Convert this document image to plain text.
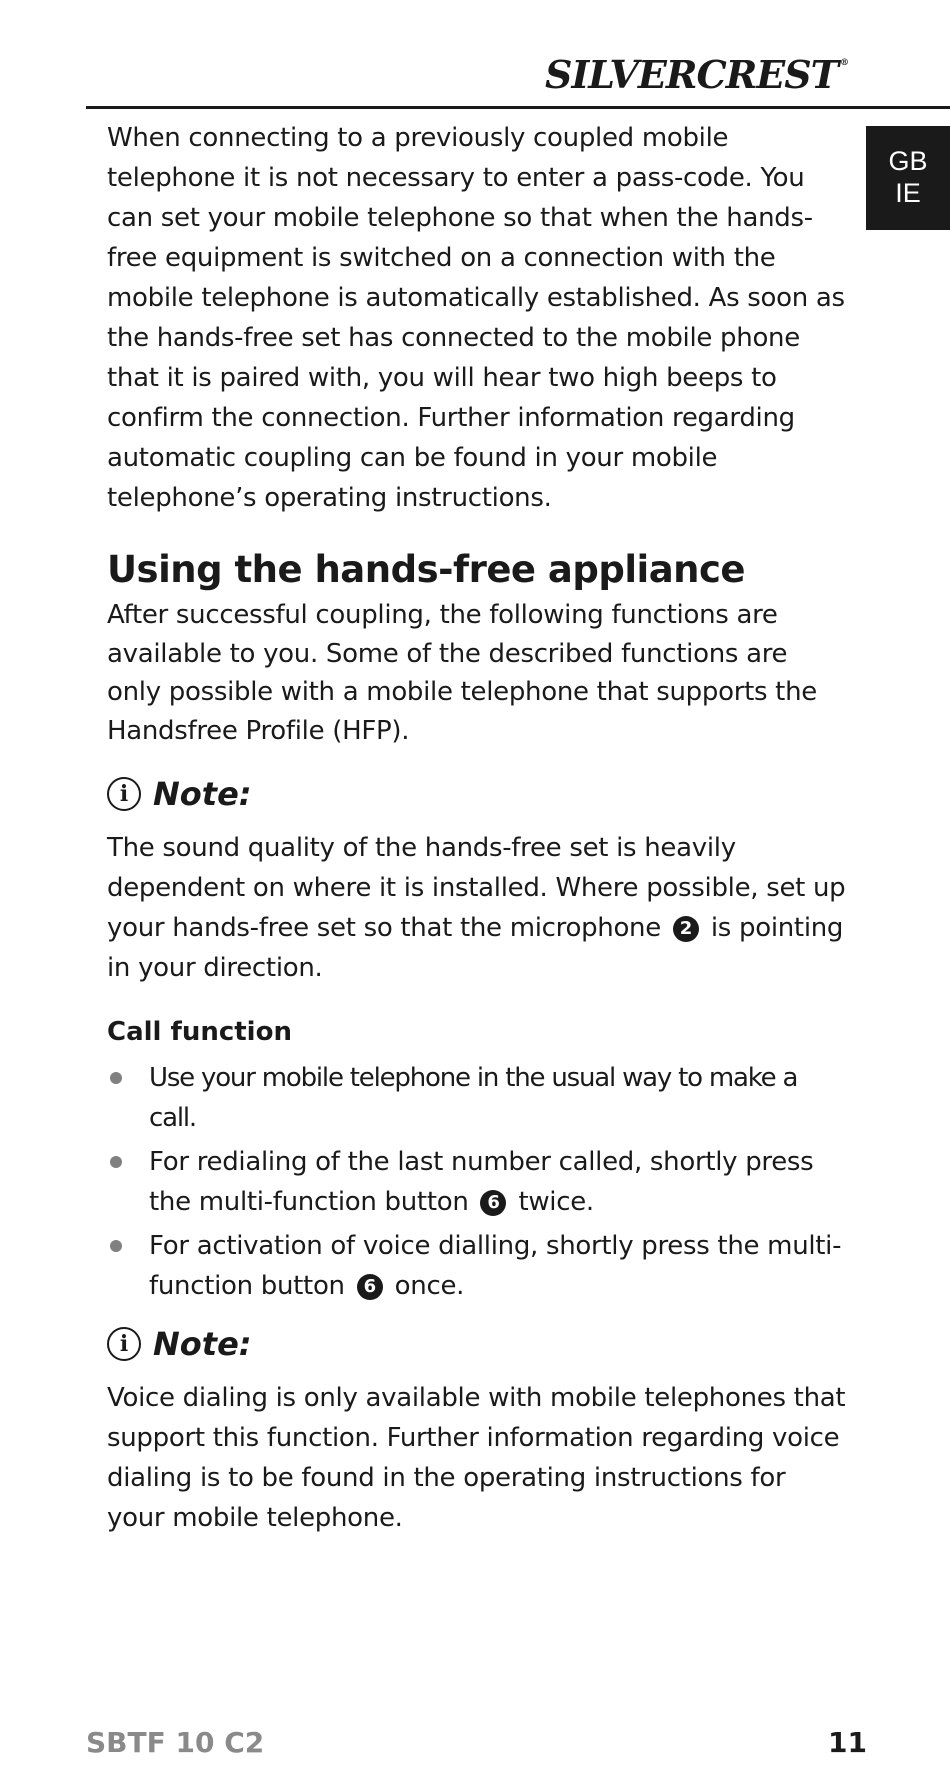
SILVERCREST ®
GB
IE

When connecting to a previously coupled mobile telephone it is not necessary to enter a pass-code. You can set your mobile telephone so that when the hands-free equipment is switched on a connection with the mobile telephone is automatically established. As soon as the hands-free set has connected to the mobile phone that it is paired with, you will hear two high beeps to confirm the connection. Further information regarding automatic coupling can be found in your mobile telephone’s operating instructions.

Using the hands-free appliance

After successful coupling, the following functions are available to you. Some of the described functions are only possible with a mobile telephone that supports the Handsfree Profile (HFP).

i Note:

The sound quality of the hands-free set is heavily dependent on where it is installed. Where possible, set up your hands-free set so that the microphone 2 is pointing in your direction.

Call function
Use your mobile telephone in the usual way to make a call.
For redialing of the last number called, shortly press the multi-function button 6 twice.
For activation of voice dialling, shortly press the multi-function button 6 once.
i Note:

Voice dialing is only available with mobile telephones that support this function. Further information regarding voice dialing is to be found in the operating instructions for your mobile telephone.

SBTF 10 C2	11
